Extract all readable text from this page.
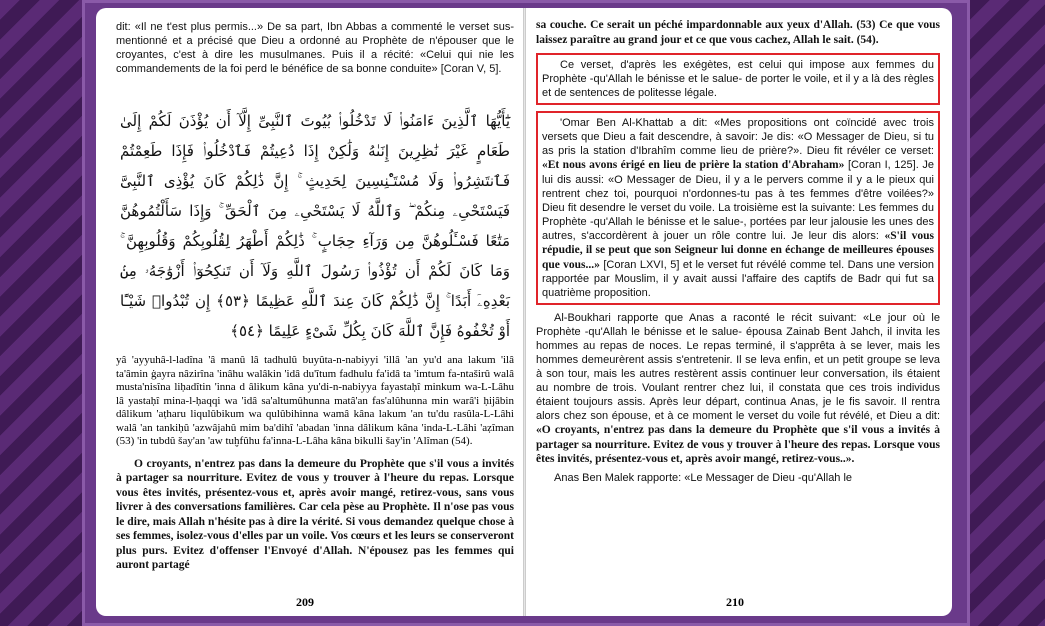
dit: «Il ne t'est plus permis...» De sa part, Ibn Abbas a commenté le verset sus-mentionné et a précisé que Dieu a ordonné au Prophète de n'épouser que le croyantes, c'est à dire les musulmanes. Puis il a récité: «Celui qui nie les commandements de la foi perd le bénéfice de sa bonne conduite» [Coran V, 5].

يَٰٓأَيُّهَا ٱلَّذِينَ ءَامَنُوا۟ لَا تَدْخُلُوا۟ بُيُوتَ ٱلنَّبِىِّ إِلَّآ أَن يُؤْذَنَ لَكُمْ إِلَىٰ طَعَامٍ غَيْرَ نَٰظِرِينَ إِنَىٰهُ وَلَٰكِنْ إِذَا دُعِيتُمْ فَٱدْخُلُوا۟ فَإِذَا طَعِمْتُمْ فَٱنتَشِرُوا۟ وَلَا مُسْتَـْٔنِسِينَ لِحَدِيثٍ ۚ إِنَّ ذَٰلِكُمْ كَانَ يُؤْذِى ٱلنَّبِىَّ فَيَسْتَحْىِۦ مِنكُمْ ۖ وَٱللَّهُ لَا يَسْتَحْىِۦ مِنَ ٱلْحَقِّ ۚ وَإِذَا سَأَلْتُمُوهُنَّ مَتَٰعًا فَسْـَٔلُوهُنَّ مِن وَرَآءِ حِجَابٍ ۚ ذَٰلِكُمْ أَطْهَرُ لِقُلُوبِكُمْ وَقُلُوبِهِنَّ ۚ وَمَا كَانَ لَكُمْ أَن تُؤْذُوا۟ رَسُولَ ٱللَّهِ وَلَآ أَن تَنكِحُوٓا۟ أَزْوَٰجَهُۥ مِنۢ بَعْدِهِۦٓ أَبَدًا ۚ إِنَّ ذَٰلِكُمْ كَانَ عِندَ ٱللَّهِ عَظِيمًا ﴿٥٣﴾ إِن تُبْدُوا۟ شَيْـًٔا أَوْ تُخْفُوهُ فَإِنَّ ٱللَّهَ كَانَ بِكُلِّ شَىْءٍ عَلِيمًا ﴿٥٤﴾

yâ 'ayyuhâ-l-ladîna 'â manû lâ tadhulû buyûta-n-nabiyyi 'illâ 'an yu'd ana lakum 'ilâ ta'âmin ġayra nâzirîna 'inâhu walâkin 'idâ du'îtum fadhulu fa'idâ ta 'imtum fa-ntaširû walâ musta'nisîna liḥadîtin 'inna d âlikum kâna yu'di-n-nabiyya fayastaḥî minkum wa-L-Lâhu lâ yastaḥî mina-l-ḥaqqi wa 'idâ sa'altumûhunna matâ'an fas'alûhunna min warâ'i ḥijâbin dâlikum 'aṭharu liqulûbikum wa qulûbihinna wamâ kâna lakum 'an tu'du rasûla-L-Lâhi walâ 'an tankiḥû 'azwâjahû mim ba'dihî 'abadan 'inna dâlikum kâna 'inda-L-Lâhi 'aẓîman (53) 'in tubdû šay'an 'aw tuḫfûhu fa'inna-L-Lâha kâna bikulli šay'in 'Alîman (54).

O croyants, n'entrez pas dans la demeure du Prophète que s'il vous a invités à partager sa nourriture. Evitez de vous y trouver à l'heure du repas. Lorsque vous êtes invités, présentez-vous et, après avoir mangé, retirez-vous, sans vous livrer à des conversations familières. Car cela pèse au Prophète. Il n'ose pas vous le dire, mais Allah n'hésite pas à dire la vérité. Si vous demandez quelque chose à ses femmes, isolez-vous d'elles par un voile. Vos cœurs et les leurs se conserveront plus purs. Evitez d'offenser l'Envoyé d'Allah. N'épousez pas les femmes qui auront partagé

209

sa couche. Ce serait un péché impardonnable aux yeux d'Allah. (53) Ce que vous laissez paraître au grand jour et ce que vous cachez, Allah le sait. (54).

Ce verset, d'après les exégètes, est celui qui impose aux femmes du Prophète -qu'Allah le bénisse et le salue- de porter le voile, et il y a là des règles et de sentences de politesse légale.

'Omar Ben Al-Khattab a dit: «Mes propositions ont coïncidé avec trois versets que Dieu a fait descendre, à savoir: Je dis: «O Messager de Dieu, si tu as pris la station d'Ibrahîm comme lieu de prière?». Dieu fit révéler ce verset: «Et nous avons érigé en lieu de prière la station d'Abraham» [Coran I, 125]. Je lui dis aussi: «O Messager de Dieu, il y a le pervers comme il y a le pieux qui rentrent chez toi, pourquoi n'ordonnes-tu pas à tes femmes d'être voilées?» Dieu fit desendre le verset du voile. La troisième est la suivante: Les femmes du Prophète -qu'Allah le bénisse et le salue-, portées par leur jalousie les unes des autres, s'accordèrent à jouer un rôle contre lui. Je leur dis alors: «S'il vous répudie, il se peut que son Seigneur lui donne en échange de meilleures épouses que vous...» [Coran LXVI, 5] et le verset fut révélé comme tel. Dans une version rapportée par Mouslim, il y avait aussi l'affaire des captifs de Badr qui fut sa quatrième proposition.

Al-Boukhari rapporte que Anas a raconté le récit suivant: «Le jour où le Prophète -qu'Allah le bénisse et le salue- épousa Zainab Bent Jahch, il invita les hommes au repas de noces. Le repas terminé, il s'apprêta à se lever, mais les hommes demeurèrent assis s'entretenir. Il se leva enfin, et un petit groupe se leva à son tour, mais les autres restèrent assis continuer leur conversation, ils étaient au nombre de trois. Voulant rentrer chez lui, il constata que ces trois individus étaient toujours assis. Après leur départ, continua Anas, je le fis savoir. Il rentra alors chez son épouse, et à ce moment le verset du voile fut révélé, et Dieu a dit: «O croyants, n'entrez pas dans la demeure du Prophète que s'il vous a invités à partager sa nourriture. Evitez de vous y trouver à l'heure des repas. Lorsque vous êtes invités, présentez-vous et, après avoir mangé, retirez-vous..».

Anas Ben Malek rapporte: «Le Messager de Dieu -qu'Allah le

210
